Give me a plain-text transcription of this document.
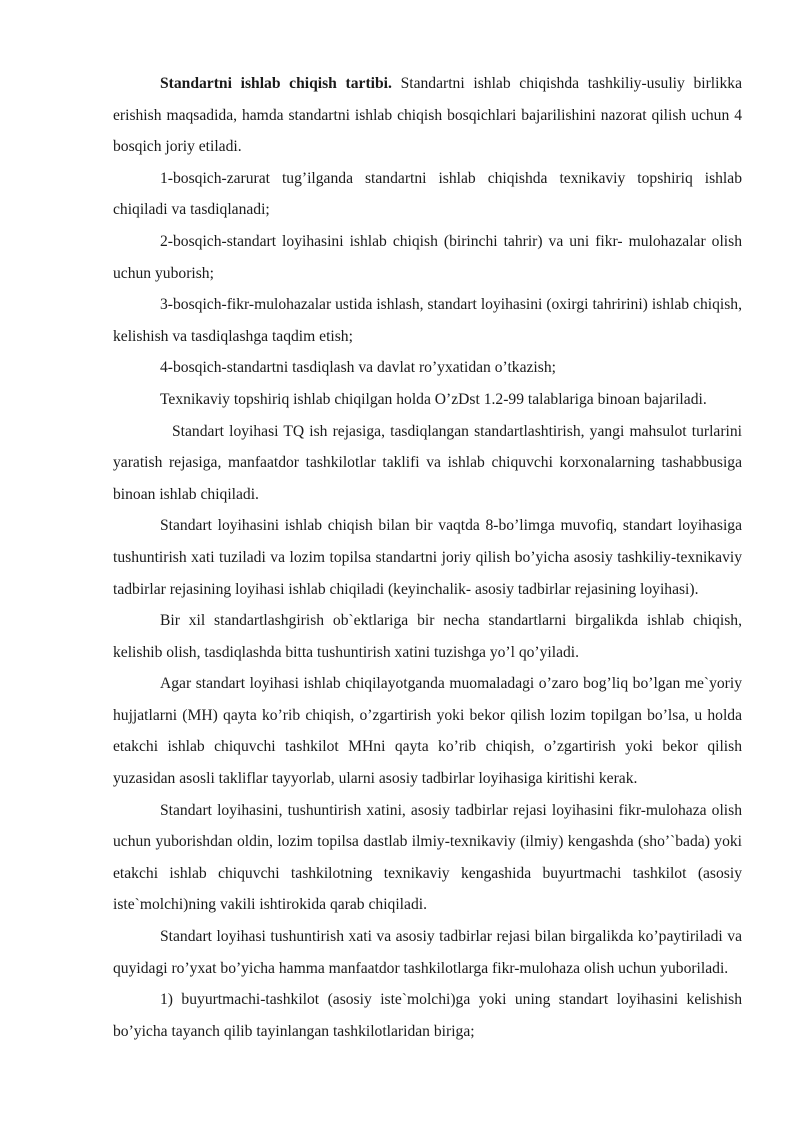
Standartni ishlab chiqish tartibi. Standartni ishlab chiqishda tashkiliy-usuliy birlikka erishish maqsadida, hamda standartni ishlab chiqish bosqichlari bajarilishini nazorat qilish uchun 4 bosqich joriy etiladi.

1-bosqich-zarurat tug’ilganda standartni ishlab chiqishda texnikaviy topshiriq ishlab chiqiladi va tasdiqlanadi;

2-bosqich-standart loyihasini ishlab chiqish (birinchi tahrir) va uni fikr- mulohazalar olish uchun yuborish;

3-bosqich-fikr-mulohazalar ustida ishlash, standart loyihasini (oxirgi tahririni) ishlab chiqish, kelishish va tasdiqlashga taqdim etish;

4-bosqich-standartni tasdiqlash va davlat ro’yxatidan o’tkazish;

Texnikaviy topshiriq ishlab chiqilgan holda O’zDst 1.2-99 talablariga binoan bajariladi.

Standart loyihasi TQ ish rejasiga, tasdiqlangan standartlashtirish, yangi mahsulot turlarini yaratish rejasiga, manfaatdor tashkilotlar taklifi va ishlab chiquvchi korxonalarning tashabbusiga binoan ishlab chiqiladi.

Standart loyihasini ishlab chiqish bilan bir vaqtda 8-bo’limga muvofiq, standart loyihasiga tushuntirish xati tuziladi va lozim topilsa standartni joriy qilish bo’yicha asosiy tashkiliy-texnikaviy tadbirlar rejasining loyihasi ishlab chiqiladi (keyinchalik- asosiy tadbirlar rejasining loyihasi).

Bir xil standartlashgirish ob`ektlariga bir necha standartlarni birgalikda ishlab chiqish, kelishib olish, tasdiqlashda bitta tushuntirish xatini tuzishga yo’l qo’yiladi.

Agar standart loyihasi ishlab chiqilayotganda muomaladagi o’zaro bog’liq bo’lgan me`yoriy hujjatlarni (MH) qayta ko’rib chiqish, o’zgartirish yoki bekor qilish lozim topilgan bo’lsa, u holda etakchi ishlab chiquvchi tashkilot MHni qayta ko’rib chiqish, o’zgartirish yoki bekor qilish yuzasidan asosli takliflar tayyorlab, ularni asosiy tadbirlar loyihasiga kiritishi kerak.

Standart loyihasini, tushuntirish xatini, asosiy tadbirlar rejasi loyihasini fikr-mulohaza olish uchun yuborishdan oldin, lozim topilsa dastlab ilmiy-texnikaviy (ilmiy) kengashda (sho’`bada) yoki etakchi ishlab chiquvchi tashkilotning texnikaviy kengashida buyurtmachi tashkilot (asosiy iste`molchi)ning vakili ishtirokida qarab chiqiladi.

Standart loyihasi tushuntirish xati va asosiy tadbirlar rejasi bilan birgalikda ko’paytiriladi va quyidagi ro’yxat bo’yicha hamma manfaatdor tashkilotlarga fikr-mulohaza olish uchun yuboriladi.

1) buyurtmachi-tashkilot (asosiy iste`molchi)ga yoki uning standart loyihasini kelishish bo’yicha tayanch qilib tayinlangan tashkilotlaridan biriga;
